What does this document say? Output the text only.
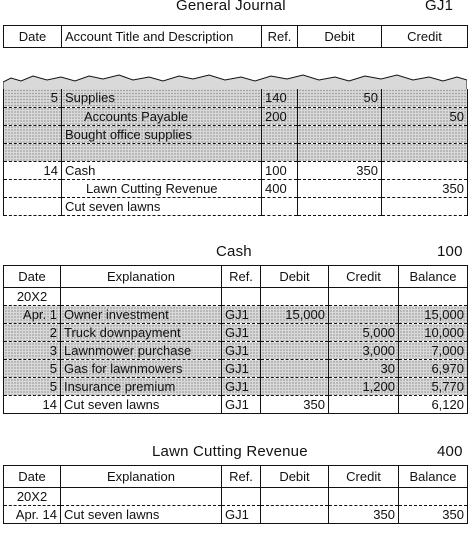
General Journal	GJ1
Date	Account Title and Description	Ref.	Debit	Credit
5	Supplies	140	50	
	Accounts Payable	200		50
	Bought office supplies			

14	Cash	100	350	
	Lawn Cutting Revenue	400		350
	Cut seven lawns			
Cash	100
Date	Explanation	Ref.	Debit	Credit	Balance
20X2					
Apr. 1	Owner investment	GJ1	15,000		15,000
2	Truck downpayment	GJ1		5,000	10,000
3	Lawnmower purchase	GJ1		3,000	7,000
5	Gas for lawnmowers	GJ1		30	6,970
5	Insurance premium	GJ1		1,200	5,770
14	Cut seven lawns	GJ1	350		6,120
Lawn Cutting Revenue	400
Date	Explanation	Ref.	Debit	Credit	Balance
20X2					
Apr. 14	Cut seven lawns	GJ1		350	350
